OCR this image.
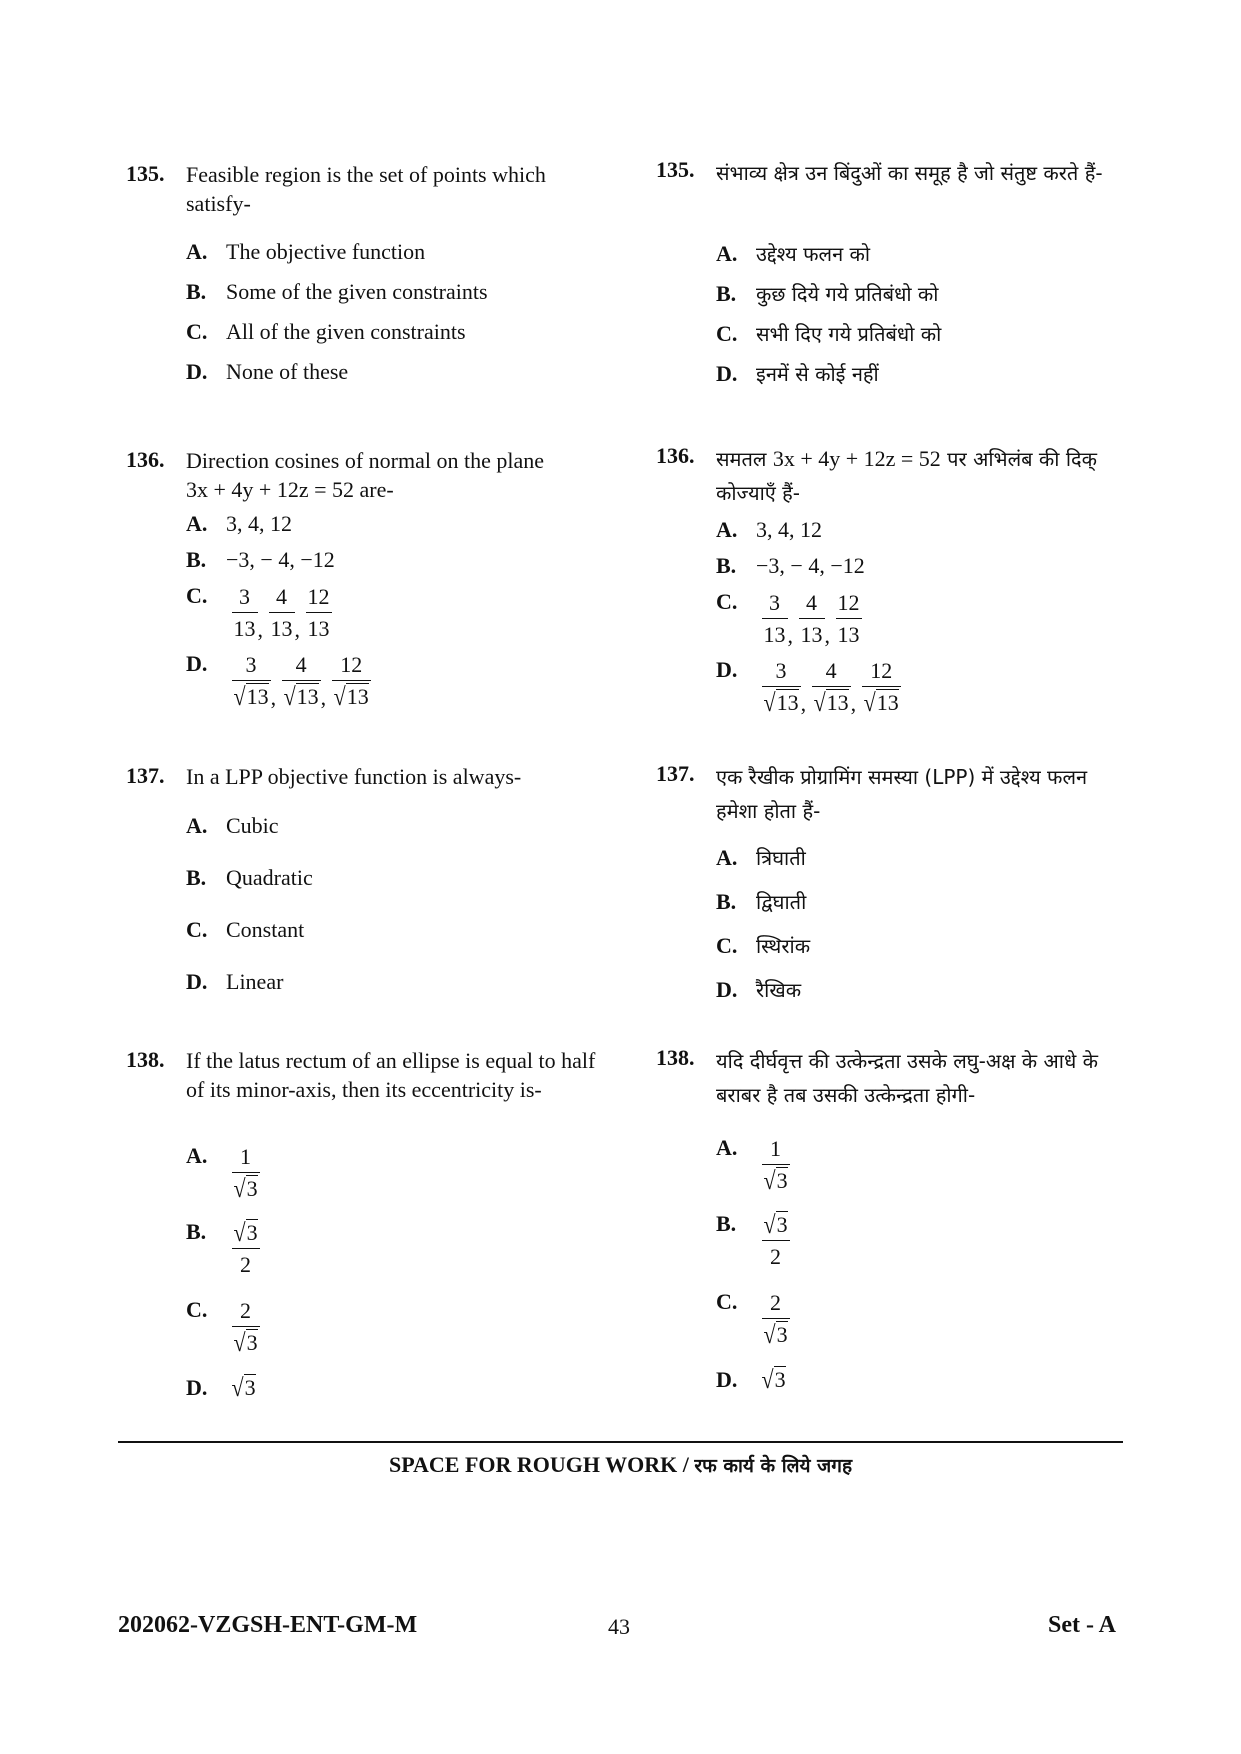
135. Feasible region is the set of points which satisfy-
A. The objective function
B. Some of the given constraints
C. All of the given constraints
D. None of these
136. Direction cosines of normal on the plane
3x + 4y + 12z = 52 are-
A. 3, 4, 12
B. −3, − 4, −12
C. $\frac{3}{13}$ , $\frac{4}{13}$ , $\frac{12}{13}$
D. $\frac{3}{√13}$ , $\frac{4}{√13}$ , $\frac{12}{√13}$
137. In a LPP objective function is always-
A. Cubic
B. Quadratic
C. Constant
D. Linear
138. If the latus rectum of an ellipse is equal to half of its minor-axis, then its eccentricity is-
A. $\frac{1}{√3}$
B. $\frac{√3}{2}$
C. $\frac{2}{√3}$
D. √3
135. संभाव्य क्षेत्र उन बिंदुओं का समूह है जो संतुष्ट करते हैं-
A. उद्देश्य फलन को
B. कुछ दिये गये प्रतिबंधो को
C. सभी दिए गये प्रतिबंधो को
D. इनमें से कोई नहीं
136. समतल 3x + 4y + 12z = 52 पर अभिलंब की दिक् कोज्याएँ हैं-
A. 3, 4, 12
B. −3, − 4, −12
C. $\frac{3}{13}$ , $\frac{4}{13}$ , $\frac{12}{13}$
D. $\frac{3}{√13}$ , $\frac{4}{√13}$ , $\frac{12}{√13}$
137. एक रैखीक प्रोग्रामिंग समस्या (LPP) में उद्देश्य फलन हमेशा होता हैं-
A. त्रिघाती
B. द्विघाती
C. स्थिरांक
D. रैखिक
138. यदि दीर्घवृत्त की उत्केन्द्रता उसके लघु-अक्ष के आधे के बराबर है तब उसकी उत्केन्द्रता होगी-
A. $\frac{1}{√3}$
B. $\frac{√3}{2}$
C. $\frac{2}{√3}$
D. √3
SPACE FOR ROUGH WORK / रफ कार्य के लिये जगह
202062-VZGSH-ENT-GM-M	43	Set - A
